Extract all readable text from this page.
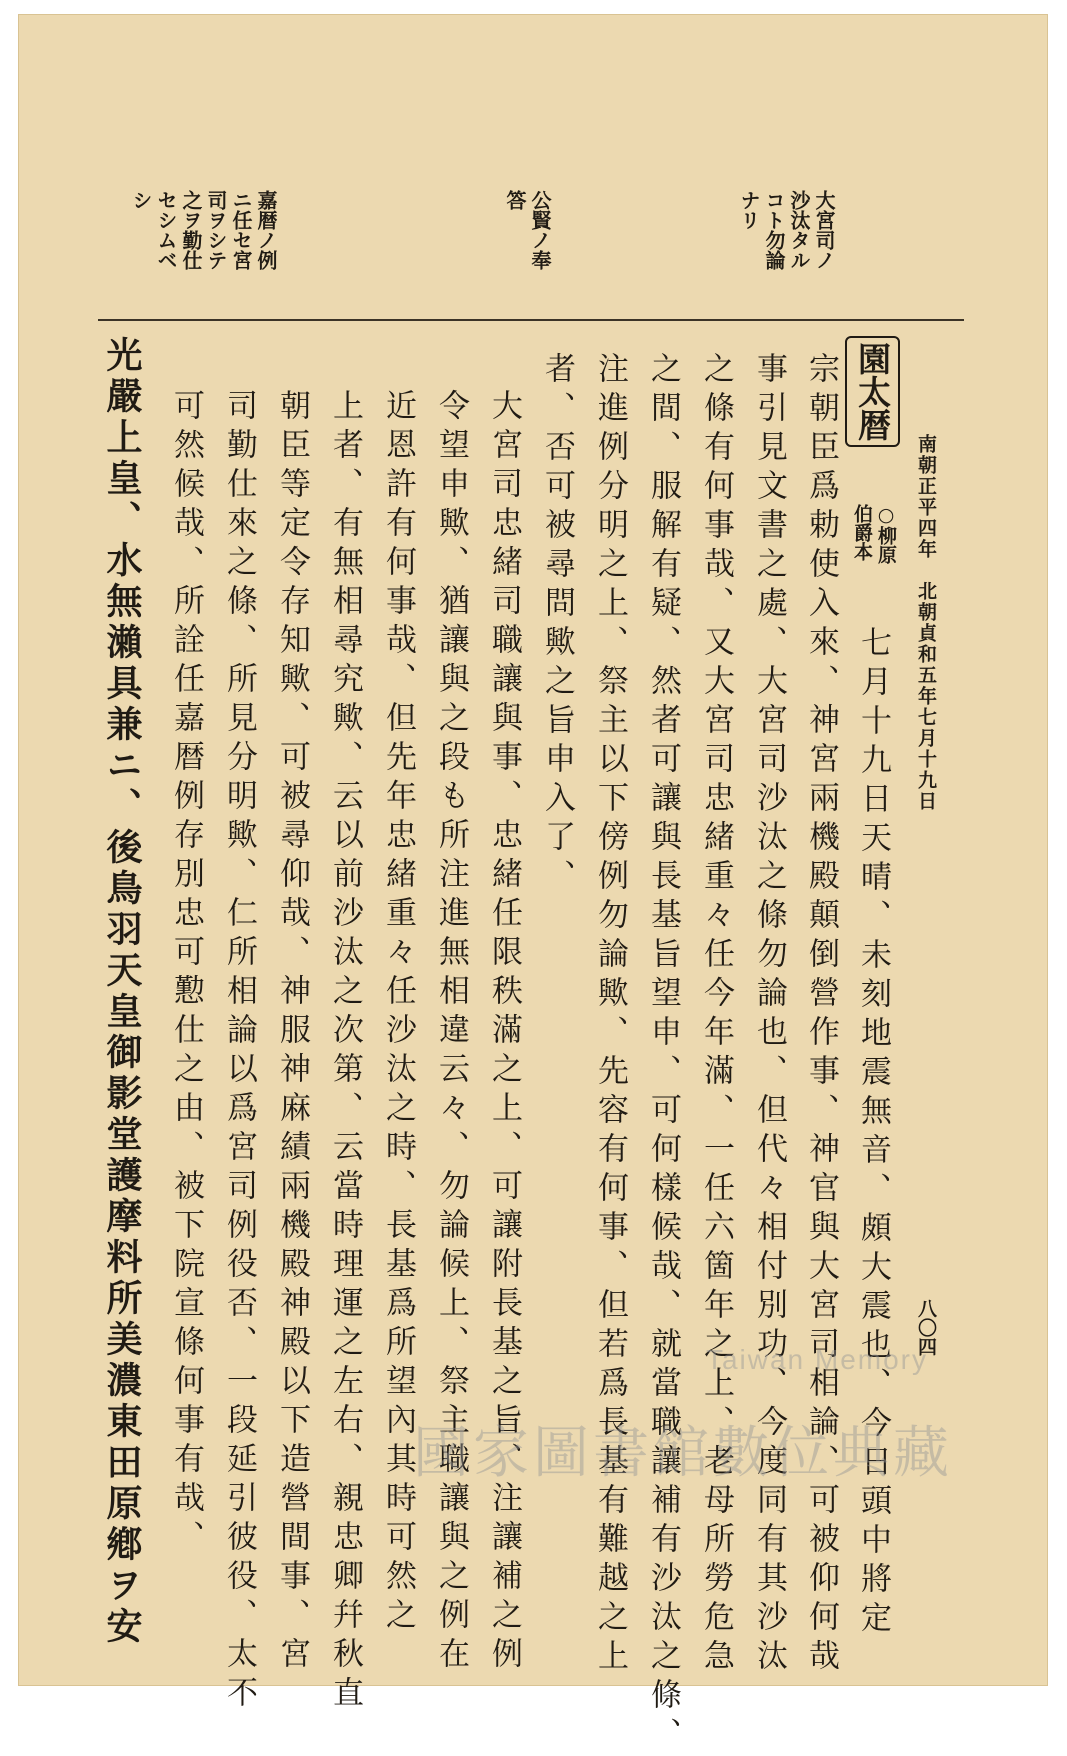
南朝正平四年　北朝貞和五年七月十九日
八〇四
大宮司ノ
沙汰タル
コト勿論
ナリ
公賢ノ奉
答
嘉暦ノ例
ニ任セ宮
司ヲシテ
之ヲ勤仕
セシムベ
シ
園太暦
○柳原
伯爵本
七月十九日天晴、未刻地震無音、頗大震也、今日頭中將定
宗朝臣爲勅使入來、神宮兩機殿顛倒營作事、神官與大宮司相論、可被仰何哉
事引見文書之處、大宮司沙汰之條勿論也、但代々相付別功、今度同有其沙汰
之條有何事哉、又大宮司忠緒重々任今年滿、一任六箇年之上、老母所勞危急
之間、服解有疑、然者可讓與長基旨望申、可何樣候哉、就當職讓補有沙汰之條、
注進例分明之上、祭主以下傍例勿論歟、先容有何事、但若爲長基有難越之上
者、否可被尋問歟之旨申入了、
大宮司忠緒司職讓與事、忠緒任限秩滿之上、可讓附長基之旨、注讓補之例
令望申歟、猶讓與之段も所注進無相違云々、勿論候上、祭主職讓與之例在
近恩許有何事哉、但先年忠緒重々任沙汰之時、長基爲所望內其時可然之
上者、有無相尋究歟、云以前沙汰之次第、云當時理運之左右、親忠卿幷秋直
朝臣等定令存知歟、可被尋仰哉、神服神麻績兩機殿神殿以下造營間事、宮
司勤仕來之條、所見分明歟、仁所相論以爲宮司例役否、一段延引彼役、太不
可然候哉、所詮任嘉暦例存別忠可懃仕之由、被下院宣條何事有哉、
光嚴上皇、水無瀨具兼ニ、後鳥羽天皇御影堂護摩料所美濃東田原鄕ヲ安	Taiwan Memory
國家圖書館數位典藏
